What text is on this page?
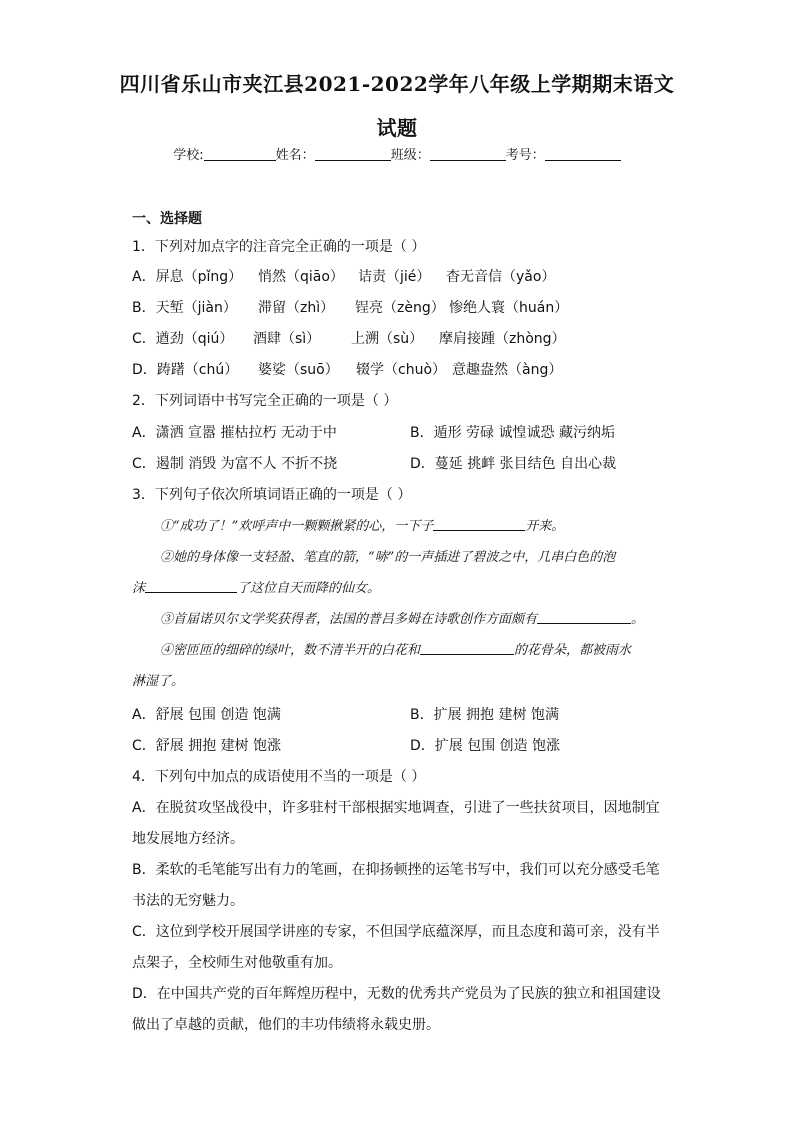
四川省乐山市夹江县2021-2022学年八年级上学期期末语文
试题
学校:	姓名：	班级：	考号：
一、选择题
1．下列对加点字的注音完全正确的一项是（ ）
A．屏息（pǐng） 悄然（qiāo） 诘责（jié） 杳无音信（yǎo）
B．天堑（jiàn） 滞留（zhì） 锃亮（zèng） 惨绝人寰（huán）
C．遒劲（qiú） 酒肆（sì） 上溯（sù） 摩肩接踵（zhòng）
D．踌躇（chú） 婆娑（suō） 辍学（chuò） 意趣盎然（àng）
2．下列词语中书写完全正确的一项是（ ）
A．潇洒 宣嚣 摧枯拉朽 无动于中	B．遁形 劳碌 诚惶诚恐 藏污纳垢
C．遏制 消毁 为富不人 不折不挠	D．蔓延 挑衅 张目结色 自出心裁
3．下列句子依次所填词语正确的一项是（ ）
①“成功了！”欢呼声中一颗颗揪紧的心，一下子	开来。
②她的身体像一支轻盈、笔直的箭，“哧”的一声插进了碧波之中，几串白色的泡
沫	了这位自天而降的仙女。
③首届诺贝尔文学奖获得者，法国的普吕多姆在诗歌创作方面颇有	。
④密匝匝的细碎的绿叶，数不清半开的白花和	的花骨朵，都被雨水
淋湿了。
A．舒展 包围 创造 饱满	B．扩展 拥抱 建树 饱满
C．舒展 拥抱 建树 饱涨	D．扩展 包围 创造 饱涨
4．下列句中加点的成语使用不当的一项是（ ）
A．在脱贫攻坚战役中，许多驻村干部根据实地调查，引进了一些扶贫项目，因地制宜
地发展地方经济。
B．柔软的毛笔能写出有力的笔画，在抑扬顿挫的运笔书写中，我们可以充分感受毛笔
书法的无穷魅力。
C．这位到学校开展国学讲座的专家，不但国学底蕴深厚，而且态度和蔼可亲，没有半
点架子，全校师生对他敬重有加。
D．在中国共产党的百年辉煌历程中，无数的优秀共产党员为了民族的独立和祖国建设
做出了卓越的贡献，他们的丰功伟绩将永载史册。
